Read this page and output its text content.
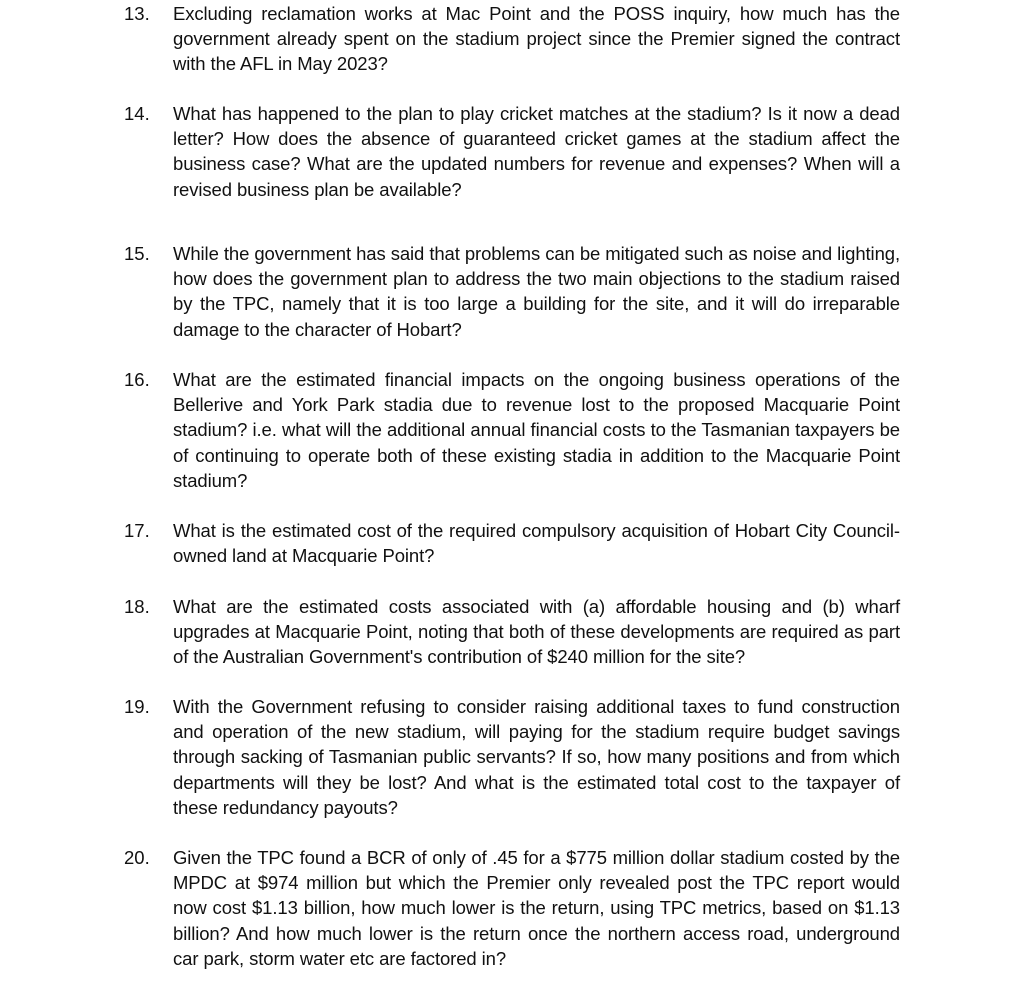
13. Excluding reclamation works at Mac Point and the POSS inquiry, how much has the government already spent on the stadium project since the Premier signed the contract with the AFL in May 2023?
14. What has happened to the plan to play cricket matches at the stadium? Is it now a dead letter? How does the absence of guaranteed cricket games at the stadium affect the business case? What are the updated numbers for revenue and expenses? When will a revised business plan be available?
15. While the government has said that problems can be mitigated such as noise and lighting, how does the government plan to address the two main objections to the stadium raised by the TPC, namely that it is too large a building for the site, and it will do irreparable damage to the character of Hobart?
16. What are the estimated financial impacts on the ongoing business operations of the Bellerive and York Park stadia due to revenue lost to the proposed Macquarie Point stadium? i.e. what will the additional annual financial costs to the Tasmanian taxpayers be of continuing to operate both of these existing stadia in addition to the Macquarie Point stadium?
17. What is the estimated cost of the required compulsory acquisition of Hobart City Council-owned land at Macquarie Point?
18. What are the estimated costs associated with (a) affordable housing and (b) wharf upgrades at Macquarie Point, noting that both of these developments are required as part of the Australian Government's contribution of $240 million for the site?
19. With the Government refusing to consider raising additional taxes to fund construction and operation of the new stadium, will paying for the stadium require budget savings through sacking of Tasmanian public servants? If so, how many positions and from which departments will they be lost? And what is the estimated total cost to the taxpayer of these redundancy payouts?
20. Given the TPC found a BCR of only of .45 for a $775 million dollar stadium costed by the MPDC at $974 million but which the Premier only revealed post the TPC report would now cost $1.13 billion, how much lower is the return, using TPC metrics, based on $1.13 billion? And how much lower is the return once the northern access road, underground car park, storm water etc are factored in?
